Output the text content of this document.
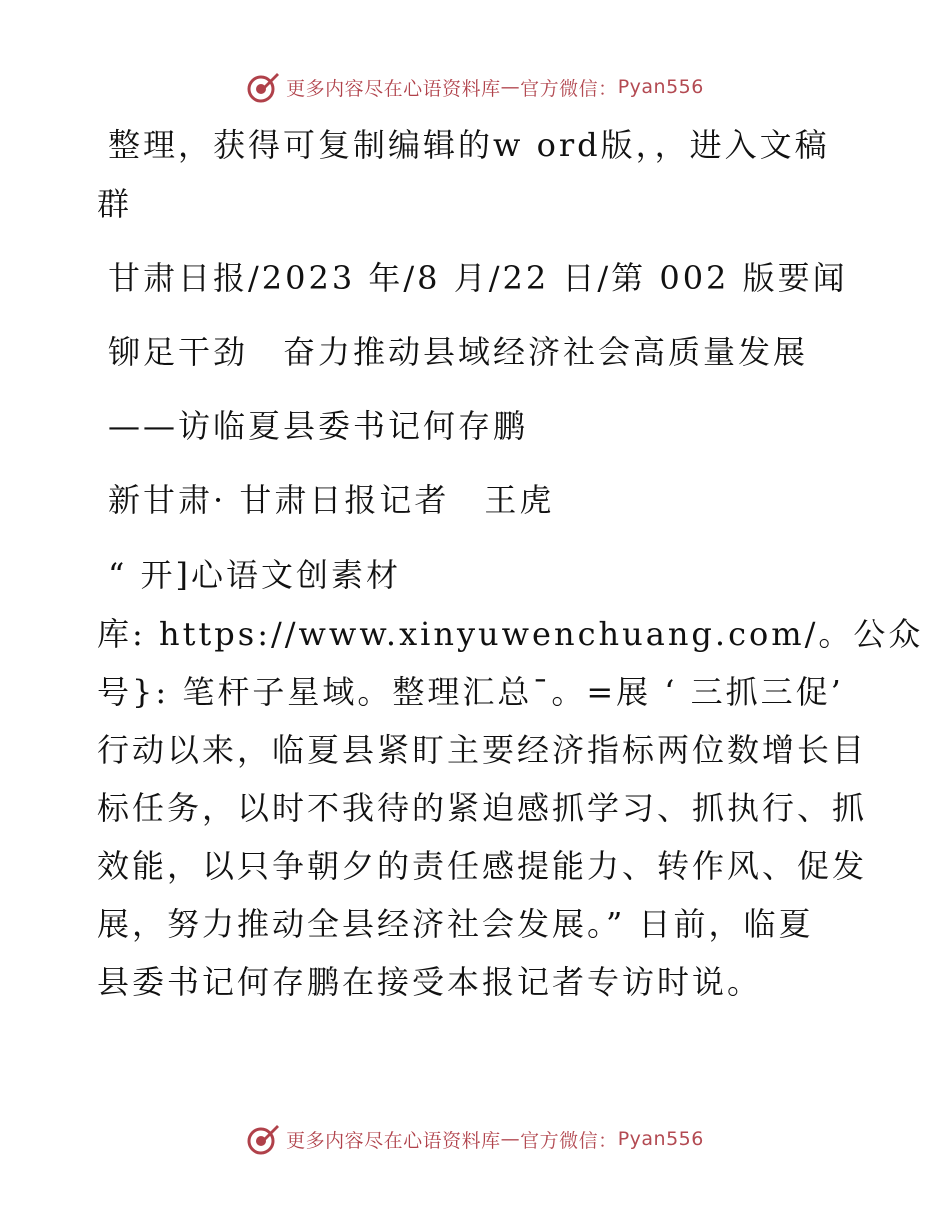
更多内容尽在心语资料库 — 官方微信： Pyan556
整理，获得可复制编辑的w ord版，，进入文稿
群
甘肃日报/2023 年/8 月/22 日/第 002 版要闻
铆足干劲　奋力推动县域经济社会高质量发展
——访临夏县委书记何存鹏
新甘肃· 甘肃日报记者　王虎
“ 开]心语文创素材
库: https://www.xinyuwenchuang.com/。公众
号}: 笔杆子星域。整理汇总¯。=展 ‘ 三抓三促’
行动以来，临夏县紧盯主要经济指标两位数增长目
标任务，以时不我待的紧迫感抓学习、抓执行、抓
效能，以只争朝夕的责任感提能力、转作风、促发
展，努力推动全县经济社会发展。” 日前，临夏
县委书记何存鹏在接受本报记者专访时说。
更多内容尽在心语资料库 — 官方微信： Pyan556
